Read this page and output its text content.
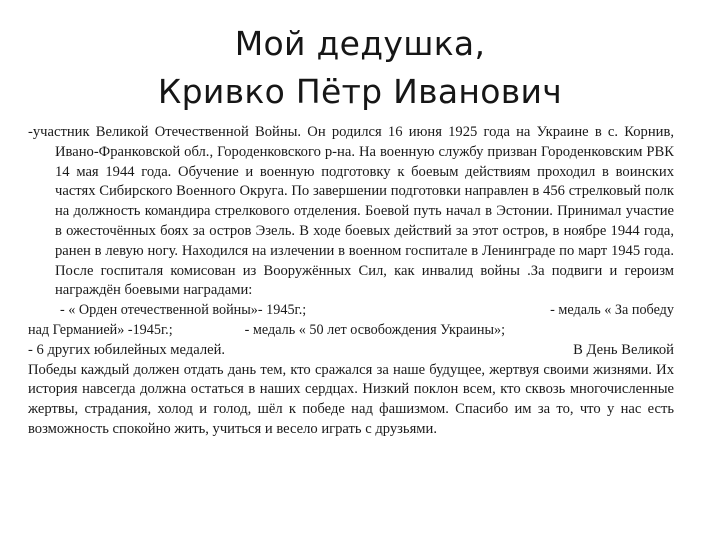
Мой дедушка,
Кривко Пётр Иванович

-участник Великой Отечественной Войны. Он родился 16 июня 1925 года на Украине в с. Корнив, Ивано-Франковской обл., Городенковского р-на. На военную службу призван Городенковским РВК 14 мая 1944 года. Обучение и военную подготовку к боевым действиям проходил в воинских частях Сибирского Военного Округа. По завершении подготовки направлен в 456 стрелковый полк на должность командира стрелкового отделения. Боевой путь начал в Эстонии. Принимал участие в ожесточённых боях за остров Эзель. В ходе боевых действий за этот остров, в ноябре 1944 года, ранен в левую ногу. Находился на излечении в военном госпитале в Ленинграде по март 1945 года. После госпиталя комисован из Вооружённых Сил, как инвалид войны .За подвиги и героизм награждён боевыми наградами:

- « Орден отечественной войны»- 1945г.;	- медаль « За победу
над Германией» -1945г.;	- медаль « 50 лет освобождения Украины»;
- 6 других юбилейных медалей.	В День Великой
Победы каждый должен отдать дань тем, кто сражался за наше будущее, жертвуя своими жизнями. Их история навсегда должна остаться в наших сердцах. Низкий поклон всем, кто сквозь многочисленные жертвы, страдания, холод и голод, шёл к победе над фашизмом. Спасибо им за то, что у нас есть возможность спокойно жить, учиться и весело играть с друзьями.
